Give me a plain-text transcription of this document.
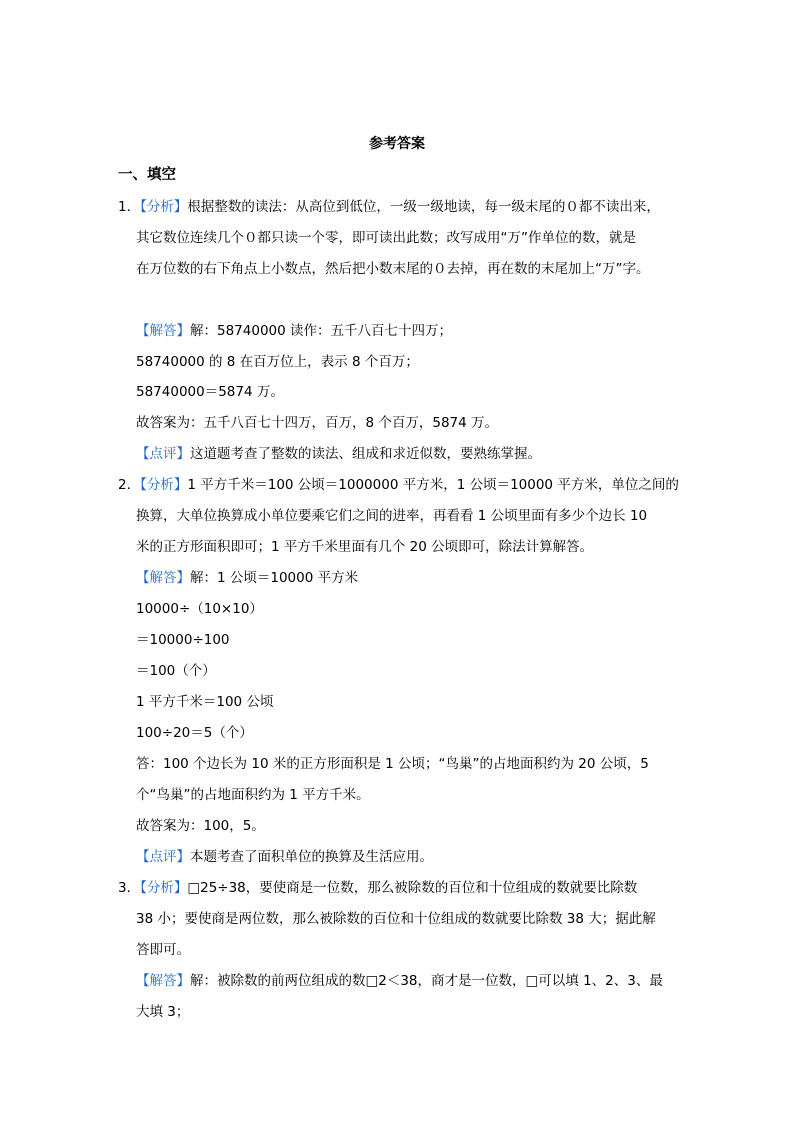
参考答案
一、填空
1．【分析】根据整数的读法：从高位到低位，一级一级地读，每一级末尾的０都不读出来，
其它数位连续几个０都只读一个零，即可读出此数；改写成用“万”作单位的数，就是
在万位数的右下角点上小数点，然后把小数末尾的０去掉，再在数的末尾加上“万”字。
【解答】解：58740000 读作：五千八百七十四万；
58740000 的 8 在百万位上，表示 8 个百万；
58740000＝5874 万。
故答案为：五千八百七十四万，百万，8 个百万，5874 万。
【点评】这道题考查了整数的读法、组成和求近似数，要熟练掌握。
2．【分析】1 平方千米＝100 公顷＝1000000 平方米，1 公顷＝10000 平方米，单位之间的
换算，大单位换算成小单位要乘它们之间的进率，再看看 1 公顷里面有多少个边长 10
米的正方形面积即可；1 平方千米里面有几个 20 公顷即可，除法计算解答。
【解答】解：1 公顷＝10000 平方米
10000÷（10×10）
＝10000÷100
＝100（个）
1 平方千米＝100 公顷
100÷20＝5（个）
答：100 个边长为 10 米的正方形面积是 1 公顷；“鸟巢”的占地面积约为 20 公顷，5
个“鸟巢”的占地面积约为 1 平方千米。
故答案为：100，5。
【点评】本题考查了面积单位的换算及生活应用。
3．【分析】□25÷38，要使商是一位数，那么被除数的百位和十位组成的数就要比除数
38 小；要使商是两位数，那么被除数的百位和十位组成的数就要比除数 38 大；据此解
答即可。
【解答】解：被除数的前两位组成的数□2＜38，商才是一位数，□可以填 1、2、3、最
大填 3；
